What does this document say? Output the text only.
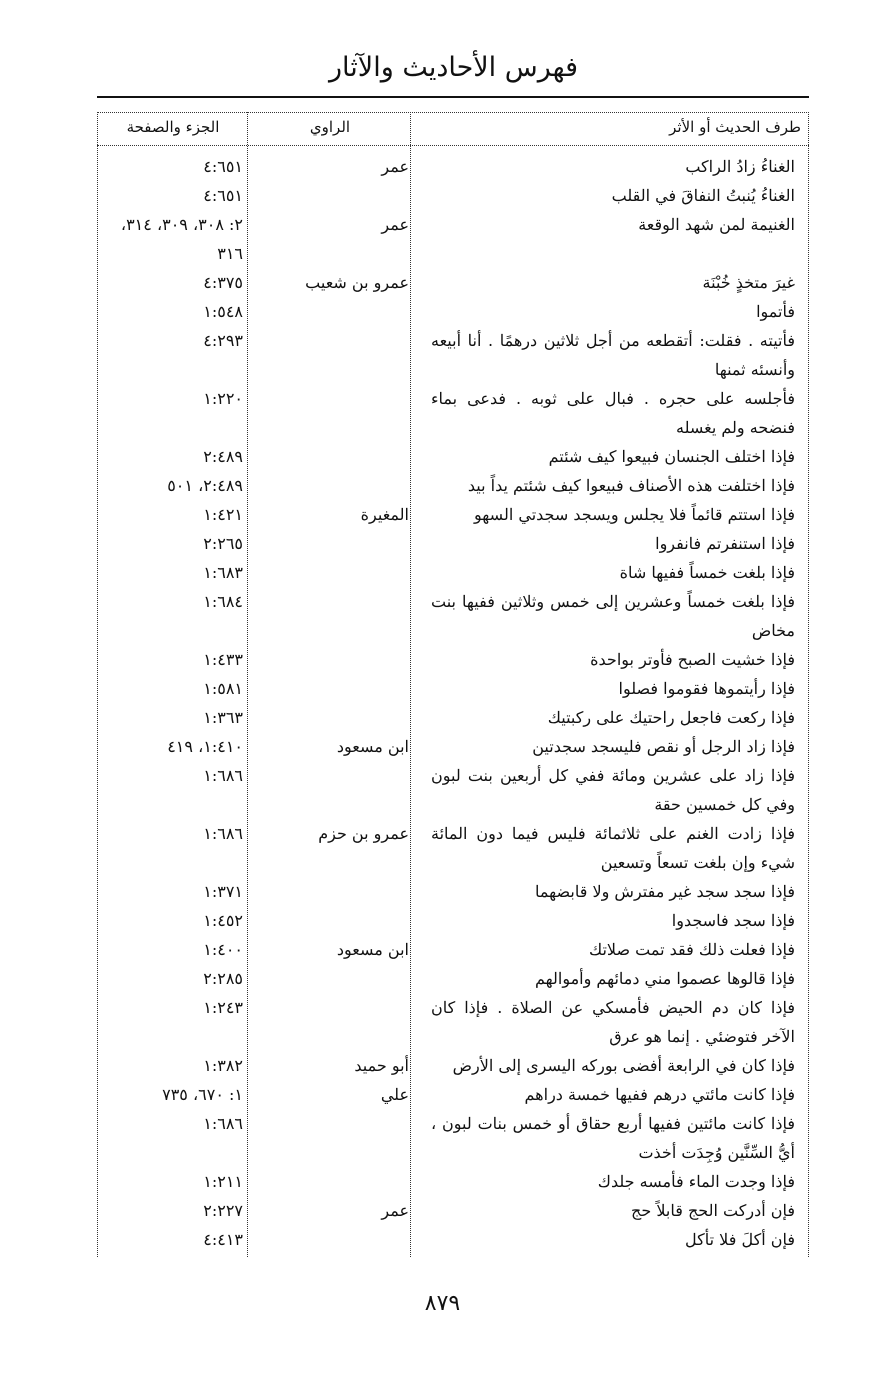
فهرس الأحاديث والآثار
طرف الحديث أو الأثر
الراوي
الجزء والصفحة
الغناءُ زادُ الراكب
عمر
٤:٦٥١
الغناءُ يُنبتُ النفاقَ في القلب
٤:٦٥١
الغنيمة لمن شهد الوقعة
عمر
٢: ٣٠٨، ٣٠٩، ٣١٤، ٣١٦
غيرَ متخذٍ خُبْنَة
عمرو بن شعيب
٤:٣٧٥
فأتموا
١:٥٤٨
فأتيته . فقلت: أتقطعه من أجل ثلاثين درهمًا . أنا أبيعه وأنسئه ثمنها
٤:٢٩٣
فأجلسه على حجره . فبال على ثوبه . فدعى بماء فنضحه ولم يغسله
١:٢٢٠
فإذا اختلف الجنسان فبيعوا كيف شئتم
٢:٤٨٩
فإذا اختلفت هذه الأصناف فبيعوا كيف شئتم يداً بيد
٢:٤٨٩، ٥٠١
فإذا استتم قائماً فلا يجلس ويسجد سجدتي السهو
المغيرة
١:٤٢١
فإذا استنفرتم فانفروا
٢:٢٦٥
فإذا بلغت خمساً ففيها شاة
١:٦٨٣
فإذا بلغت خمساً وعشرين إلى خمس وثلاثين ففيها بنت مخاض
١:٦٨٤
فإذا خشيت الصبح فأوتر بواحدة
١:٤٣٣
فإذا رأيتموها فقوموا فصلوا
١:٥٨١
فإذا ركعت فاجعل راحتيك على ركبتيك
١:٣٦٣
فإذا زاد الرجل أو نقص فليسجد سجدتين
ابن مسعود
١:٤١٠، ٤١٩
فإذا زاد على عشرين ومائة ففي كل أربعين بنت لبون وفي كل خمسين حقة
١:٦٨٦
فإذا زادت الغنم على ثلاثمائة فليس فيما دون المائة شيء وإن بلغت تسعاً وتسعين
عمرو بن حزم
١:٦٨٦
فإذا سجد سجد غير مفترش ولا قابضهما
١:٣٧١
فإذا سجد فاسجدوا
١:٤٥٢
فإذا فعلت ذلك فقد تمت صلاتك
ابن مسعود
١:٤٠٠
فإذا قالوها عصموا مني دمائهم وأموالهم
٢:٢٨٥
فإذا كان دم الحيض فأمسكي عن الصلاة . فإذا كان الآخر فتوضئي . إنما هو عرق
١:٢٤٣
فإذا كان في الرابعة أفضى بوركه اليسرى إلى الأرض
أبو حميد
١:٣٨٢
فإذا كانت مائتي درهم ففيها خمسة دراهم
علي
١: ٦٧٠، ٧٣٥
فإذا كانت مائتين ففيها أربع حقاق أو خمس بنات لبون ، أيُّ السِّنَّين وُجِدَت أخذت
١:٦٨٦
فإذا وجدت الماء فأمسه جلدك
١:٢١١
فإن أدركت الحج قابلاً حج
عمر
٢:٢٢٧
فإن أكلَ فلا تأكل
٤:٤١٣
٨٧٩
